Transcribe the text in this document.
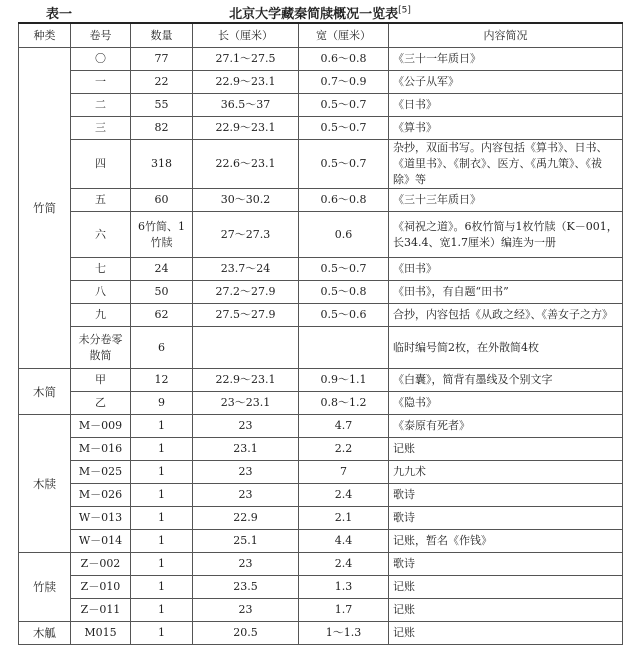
表一	北京大学藏秦简牍概况一览表[5]
种类	卷号	数量	长（厘米）	宽（厘米）	内容简况
竹简	〇	77	27.1～27.5	0.6～0.8	《三十一年质日》
	一	22	22.9～23.1	0.7～0.9	《公子从军》
	二	55	36.5～37	0.5～0.7	《日书》
	三	82	22.9～23.1	0.5～0.7	《算书》
	四	318	22.6～23.1	0.5～0.7	杂抄，双面书写。内容包括《算书》、日书、《道里书》、《制衣》、医方、《禹九策》、《祓除》等
	五	60	30～30.2	0.6～0.8	《三十三年质日》
	六	6竹简、1竹牍	27～27.3	0.6	《祠祝之道》。6枚竹简与1枚竹牍（K－001，长34.4、宽1.7厘米）编连为一册
	七	24	23.7～24	0.5～0.7	《田书》
	八	50	27.2～27.9	0.5～0.8	《田书》，有自题“田书”
	九	62	27.5～27.9	0.5～0.6	合抄，内容包括《从政之经》、《善女子之方》
	未分卷零散简	6			临时编号简2枚，在外散简4枚
木简	甲	12	22.9～23.1	0.9～1.1	《白囊》，简背有墨线及个别文字
	乙	9	23～23.1	0.8～1.2	《隐书》
木牍	M－009	1	23	4.7	《泰原有死者》
	M－016	1	23.1	2.2	记账
	M－025	1	23	7	九九术
	M－026	1	23	2.4	歌诗
	W－013	1	22.9	2.1	歌诗
	W－014	1	25.1	4.4	记账，暂名《作钱》
竹牍	Z－002	1	23	2.4	歌诗
	Z－010	1	23.5	1.3	记账
	Z－011	1	23	1.7	记账
木觚	M015	1	20.5	1～1.3	记账
